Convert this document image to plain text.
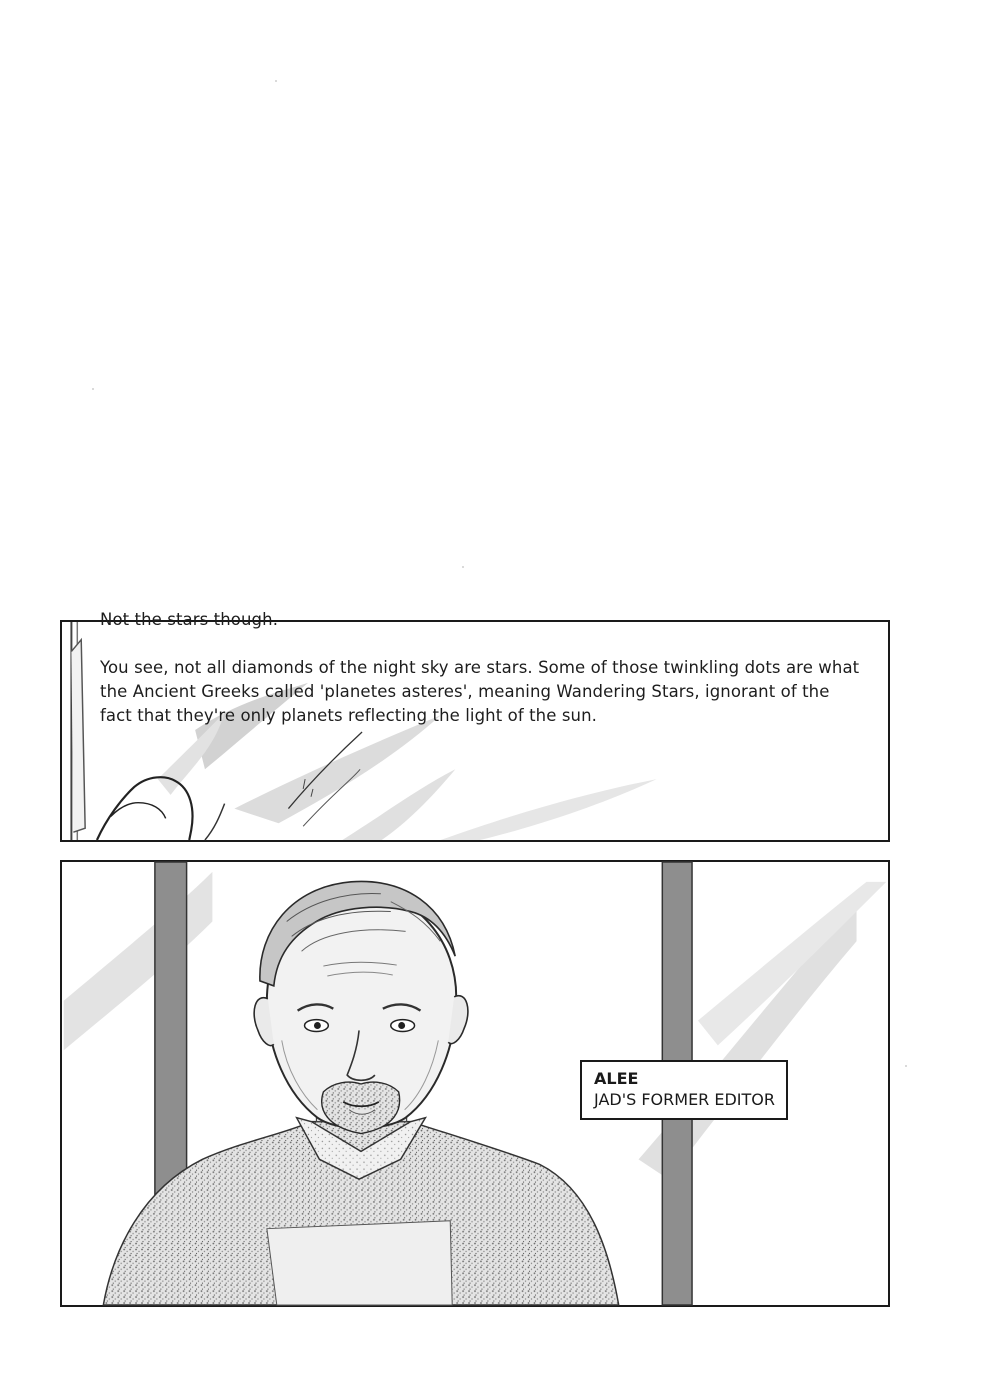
Not the stars though.
You see, not all diamonds of the night sky are stars. Some of those twinkling dots are what the Ancient Greeks called 'planetes asteres', meaning Wandering Stars, ignorant of the fact that they're only planets reflecting the light of the sun.
ALEE
JAD'S FORMER EDITOR
